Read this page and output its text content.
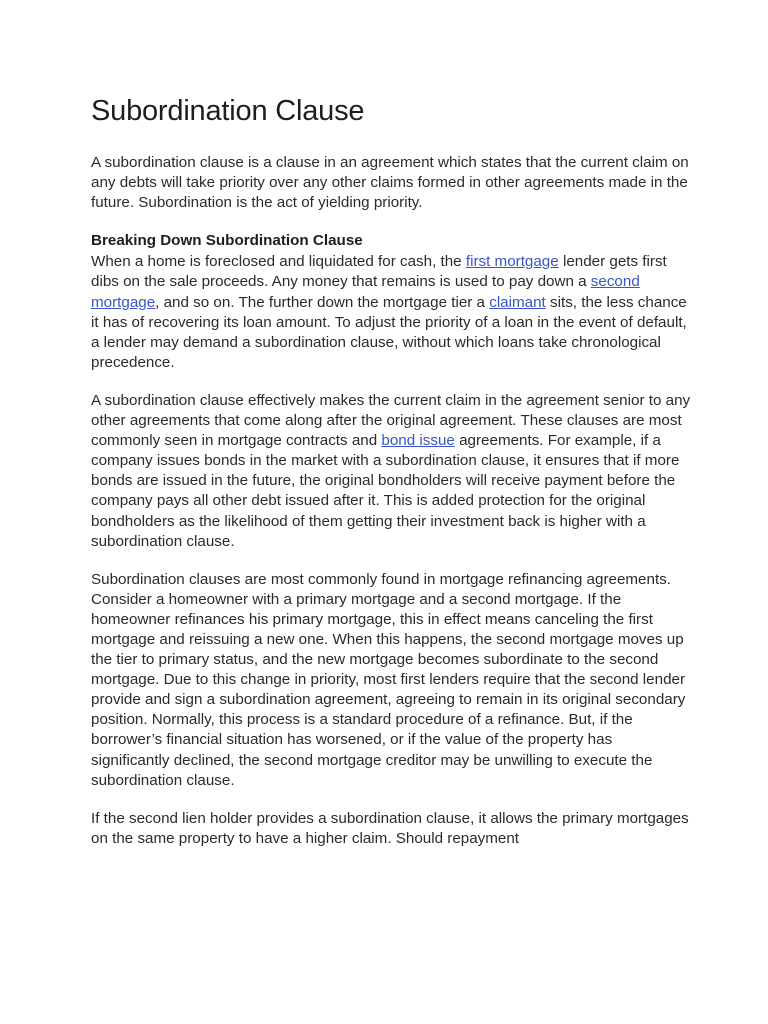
Subordination Clause

A subordination clause is a clause in an agreement which states that the current claim on any debts will take priority over any other claims formed in other agreements made in the future. Subordination is the act of yielding priority.

Breaking Down Subordination Clause

When a home is foreclosed and liquidated for cash, the first mortgage lender gets first dibs on the sale proceeds. Any money that remains is used to pay down a second mortgage, and so on. The further down the mortgage tier a claimant sits, the less chance it has of recovering its loan amount. To adjust the priority of a loan in the event of default, a lender may demand a subordination clause, without which loans take chronological precedence.

A subordination clause effectively makes the current claim in the agreement senior to any other agreements that come along after the original agreement. These clauses are most commonly seen in mortgage contracts and bond issue agreements. For example, if a company issues bonds in the market with a subordination clause, it ensures that if more bonds are issued in the future, the original bondholders will receive payment before the company pays all other debt issued after it. This is added protection for the original bondholders as the likelihood of them getting their investment back is higher with a subordination clause.

Subordination clauses are most commonly found in mortgage refinancing agreements. Consider a homeowner with a primary mortgage and a second mortgage. If the homeowner refinances his primary mortgage, this in effect means canceling the first mortgage and reissuing a new one. When this happens, the second mortgage moves up the tier to primary status, and the new mortgage becomes subordinate to the second mortgage. Due to this change in priority, most first lenders require that the second lender provide and sign a subordination agreement, agreeing to remain in its original secondary position. Normally, this process is a standard procedure of a refinance. But, if the borrower’s financial situation has worsened, or if the value of the property has significantly declined, the second mortgage creditor may be unwilling to execute the subordination clause.

If the second lien holder provides a subordination clause, it allows the primary mortgages on the same property to have a higher claim. Should repayment
